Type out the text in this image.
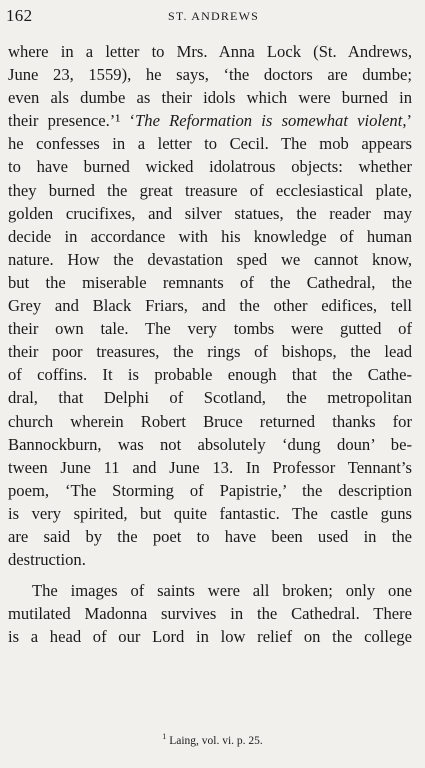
162	ST. ANDREWS
where in a letter to Mrs. Anna Lock (St. Andrews,
June 23, 1559), he says, ‘the doctors are dumbe;
even als dumbe as their idols which were burned in
their presence.’¹ ‘The Reformation is somewhat violent,’
he confesses in a letter to Cecil. The mob appears
to have burned wicked idolatrous objects: whether
they burned the great treasure of ecclesiastical plate,
golden crucifixes, and silver statues, the reader may
decide in accordance with his knowledge of human
nature. How the devastation sped we cannot know,
but the miserable remnants of the Cathedral, the
Grey and Black Friars, and the other edifices, tell
their own tale. The very tombs were gutted of
their poor treasures, the rings of bishops, the lead
of coffins. It is probable enough that the Cathe-
dral, that Delphi of Scotland, the metropolitan
church wherein Robert Bruce returned thanks for
Bannockburn, was not absolutely ‘dung doun’ be-
tween June 11 and June 13. In Professor Tennant’s
poem, ‘The Storming of Papistrie,’ the description
is very spirited, but quite fantastic. The castle guns
are said by the poet to have been used in the
destruction.
The images of saints were all broken; only one
mutilated Madonna survives in the Cathedral. There
is a head of our Lord in low relief on the college
$^1$ Laing, vol. vi. p. 25.
